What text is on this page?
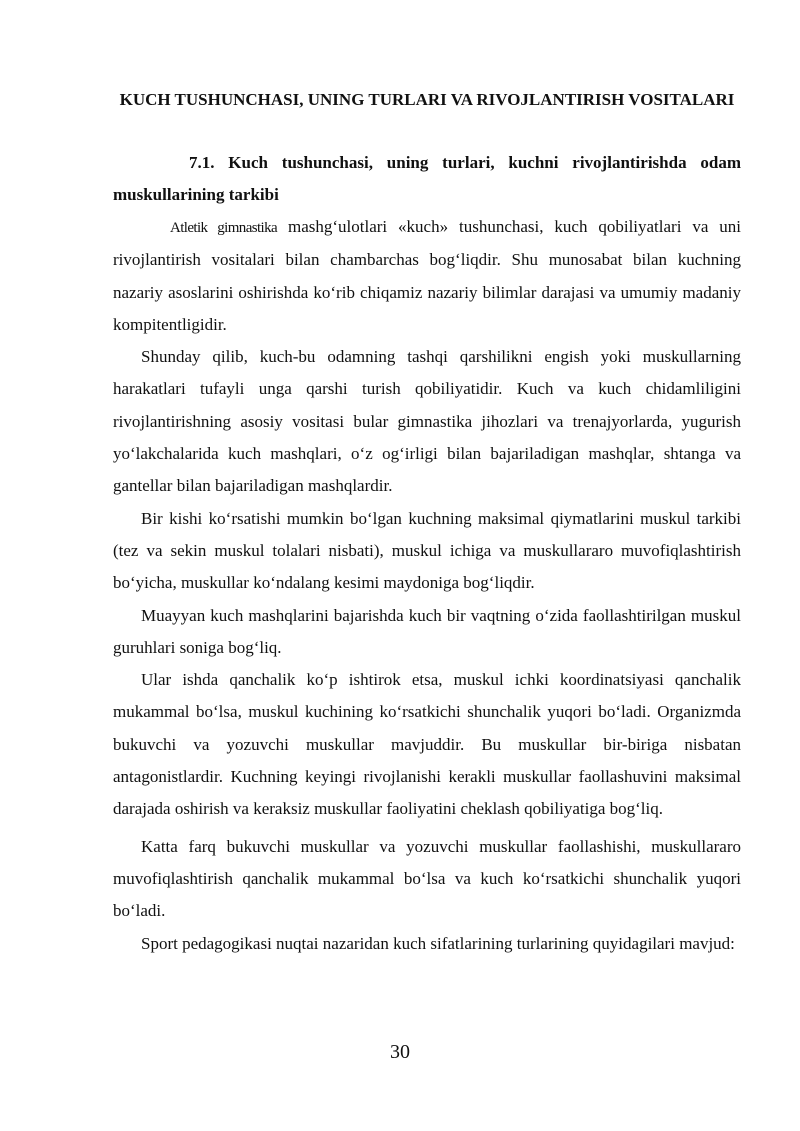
KUCH TUSHUNCHASI, UNING TURLARI VA RIVOJLANTIRISH VOSITALARI
7.1. Kuch tushunchasi, uning turlari, kuchni rivojlantirishda odam muskullarining tarkibi

Atletik gimnastika mashg‘ulotlari «kuch» tushunchasi, kuch qobiliyatlari va uni rivojlantirish vositalari bilan chambarchas bog‘liqdir. Shu munosabat bilan kuchning nazariy asoslarini oshirishda ko‘rib chiqamiz nazariy bilimlar darajasi va umumiy madaniy kompitentligidir.

Shunday qilib, kuch-bu odamning tashqi qarshilikni engish yoki muskullarning harakatlari tufayli unga qarshi turish qobiliyatidir. Kuch va kuch chidamliligini rivojlantirishning asosiy vositasi bular gimnastika jihozlari va trenajyorlarda, yugurish yo‘lakchalarida kuch mashqlari, o‘z og‘irligi bilan bajariladigan mashqlar, shtanga va gantellar bilan bajariladigan mashqlardir.

Bir kishi ko‘rsatishi mumkin bo‘lgan kuchning maksimal qiymatlarini muskul tarkibi (tez va sekin muskul tolalari nisbati), muskul ichiga va muskullararo muvofiqlashtirish bo‘yicha, muskullar ko‘ndalang kesimi maydoniga bog‘liqdir.

Muayyan kuch mashqlarini bajarishda kuch bir vaqtning o‘zida faollashtirilgan muskul guruhlari soniga bog‘liq.

Ular ishda qanchalik ko‘p ishtirok etsa, muskul ichki koordinatsiyasi qanchalik mukammal bo‘lsa, muskul kuchining ko‘rsatkichi shunchalik yuqori bo‘ladi. Organizmda bukuvchi va yozuvchi muskullar mavjuddir. Bu muskullar bir-biriga nisbatan antagonistlardir. Kuchning keyingi rivojlanishi kerakli muskullar faollashuvini maksimal darajada oshirish va keraksiz muskullar faoliyatini cheklash qobiliyatiga bog‘liq.

Katta farq bukuvchi muskullar va yozuvchi muskullar faollashishi, muskullararo muvofiqlashtirish qanchalik mukammal bo‘lsa va kuch ko‘rsatkichi shunchalik yuqori bo‘ladi.

Sport pedagogikasi nuqtai nazaridan kuch sifatlarining turlarining quyidagilari mavjud:

30
